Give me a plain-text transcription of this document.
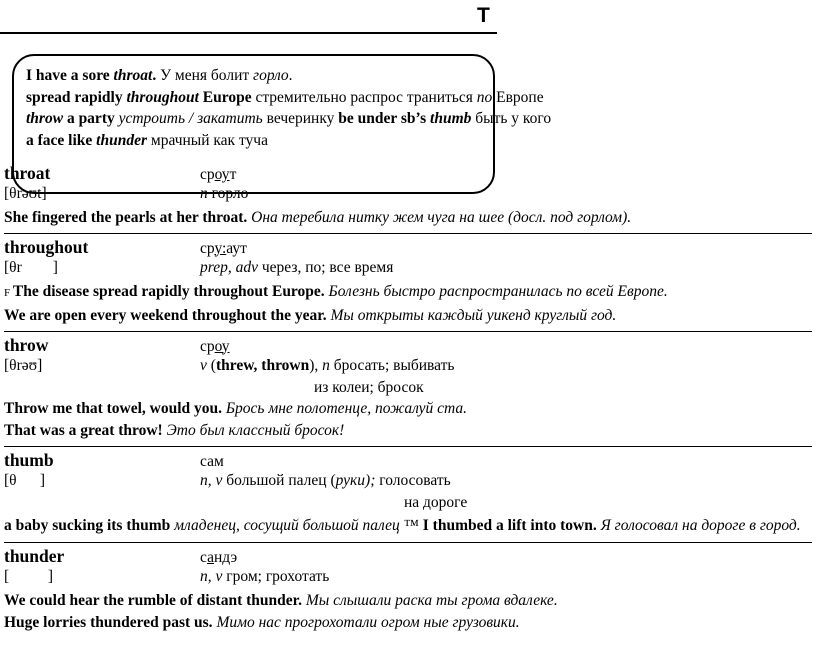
T

I have a sore throat. У меня болит горло.

spread rapidly throughout Europe стремительно распрос траниться по Европе

throw a party устроить / закатить вечеринку be under sb’s thumb быть у кого

a face like thunder мрачный как туча

throat	сроут
[θrəʊt]	n горло
She fingered the pearls at her throat. Она теребила нитку жем чуга на шее (досл. под горлом).
throughout	сру:аут
[θr        ]	prep, adv через, по; все время
F The disease spread rapidly throughout Europe. Болезнь быстро распространилась по всей Европе.
We are open every weekend throughout the year. Мы открыты каждый уикенд круглый год.
throw	сроу
[θrəʊ]	v (threw, thrown), n бросать; выбивать
из колеи; бросок
Throw me that towel, would you. Брось мне полотенце, пожалуй ста.
That was a great throw! Это был классный бросок!
thumb	сам
[θ      ]	n, v большой палец (руки); голосовать
на дороге
a baby sucking its thumb младенец, сосущий большой палец ™ I thumbed a lift into town. Я голосовал на дороге в город.
thunder	сандэ
[          ]	n, v гром; грохотать
We could hear the rumble of distant thunder. Мы слышали раска ты грома вдалеке.
Huge lorries thundered past us. Мимо нас прогрохотали огром ные грузовики.
